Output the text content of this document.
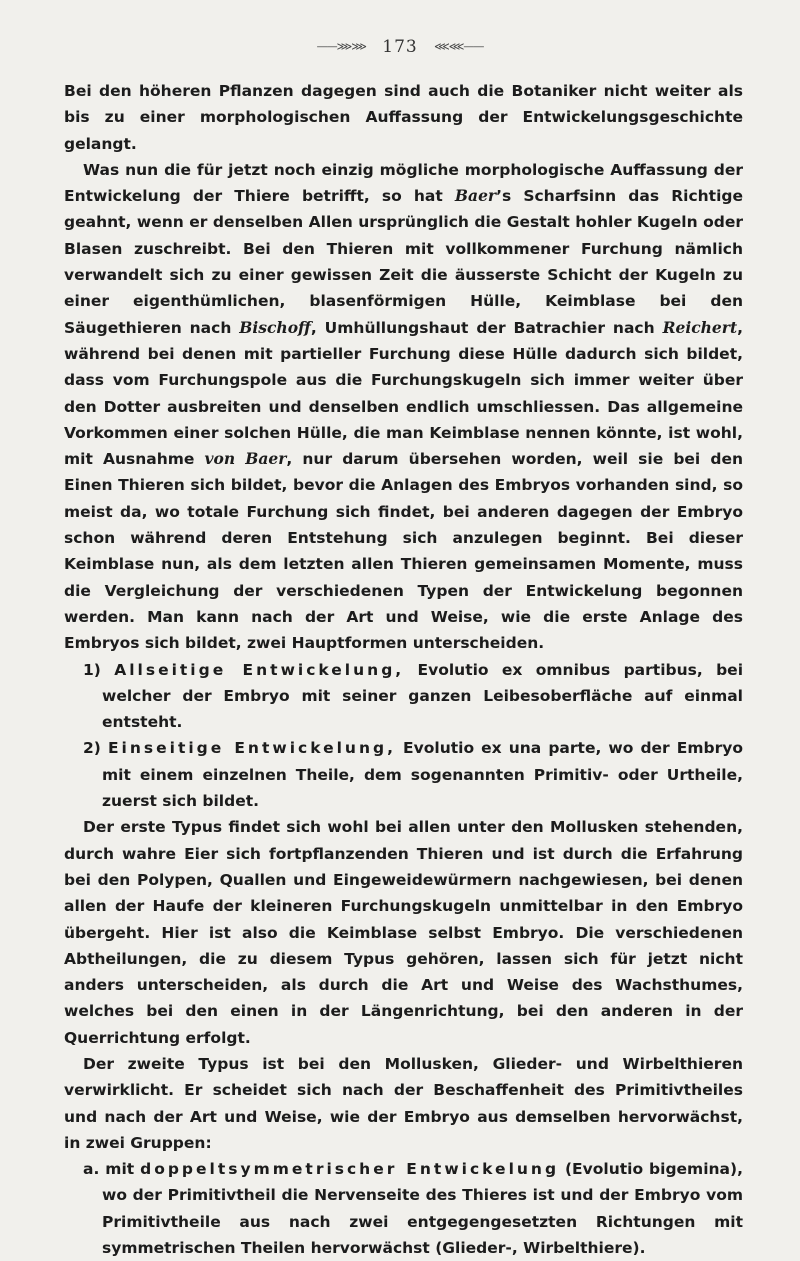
——⋙⋙ 173 ⋘⋘——

Bei den höheren Pflanzen dagegen sind auch die Botaniker nicht weiter als bis zu einer morphologischen Auffassung der Entwickelungsgeschichte gelangt.

Was nun die für jetzt noch einzig mögliche morphologische Auffassung der Entwickelung der Thiere betrifft, so hat Baer’s Scharfsinn das Richtige geahnt, wenn er denselben Allen ursprünglich die Gestalt hohler Kugeln oder Blasen zuschreibt. Bei den Thieren mit vollkommener Furchung nämlich verwandelt sich zu einer gewissen Zeit die äusserste Schicht der Kugeln zu einer eigenthümlichen, blasenförmigen Hülle, Keimblase bei den Säugethieren nach Bischoff, Umhüllungshaut der Batrachier nach Reichert, während bei denen mit partieller Furchung diese Hülle dadurch sich bildet, dass vom Furchungspole aus die Furchungskugeln sich immer weiter über den Dotter ausbreiten und denselben endlich umschliessen. Das allgemeine Vorkommen einer solchen Hülle, die man Keimblase nennen könnte, ist wohl, mit Ausnahme von Baer, nur darum übersehen worden, weil sie bei den Einen Thieren sich bildet, bevor die Anlagen des Embryos vorhanden sind, so meist da, wo totale Furchung sich findet, bei anderen dagegen der Embryo schon während deren Entstehung sich anzulegen beginnt. Bei dieser Keimblase nun, als dem letzten allen Thieren gemeinsamen Momente, muss die Vergleichung der verschiedenen Typen der Entwickelung begonnen werden. Man kann nach der Art und Weise, wie die erste Anlage des Embryos sich bildet, zwei Hauptformen unterscheiden.

1) Allseitige Entwickelung, Evolutio ex omnibus partibus, bei welcher der Embryo mit seiner ganzen Leibesoberfläche auf einmal entsteht.

2) Einseitige Entwickelung, Evolutio ex una parte, wo der Embryo mit einem einzelnen Theile, dem sogenannten Primitiv- oder Urtheile, zuerst sich bildet.

Der erste Typus findet sich wohl bei allen unter den Mollusken stehenden, durch wahre Eier sich fortpflanzenden Thieren und ist durch die Erfahrung bei den Polypen, Quallen und Eingeweidewürmern nachgewiesen, bei denen allen der Haufe der kleineren Furchungskugeln unmittelbar in den Embryo übergeht. Hier ist also die Keimblase selbst Embryo. Die verschiedenen Abtheilungen, die zu diesem Typus gehören, lassen sich für jetzt nicht anders unterscheiden, als durch die Art und Weise des Wachsthumes, welches bei den einen in der Längenrichtung, bei den anderen in der Querrichtung erfolgt.

Der zweite Typus ist bei den Mollusken, Glieder- und Wirbelthieren verwirklicht. Er scheidet sich nach der Beschaffenheit des Primitivtheiles und nach der Art und Weise, wie der Embryo aus demselben hervorwächst, in zwei Gruppen:

a. mit doppeltsymmetrischer Entwickelung (Evolutio bigemina), wo der Primitivtheil die Nervenseite des Thieres ist und der Embryo vom Primitivtheile aus nach zwei entgegengesetzten Richtungen mit symmetrischen Theilen hervorwächst (Glieder-, Wirbelthiere).
